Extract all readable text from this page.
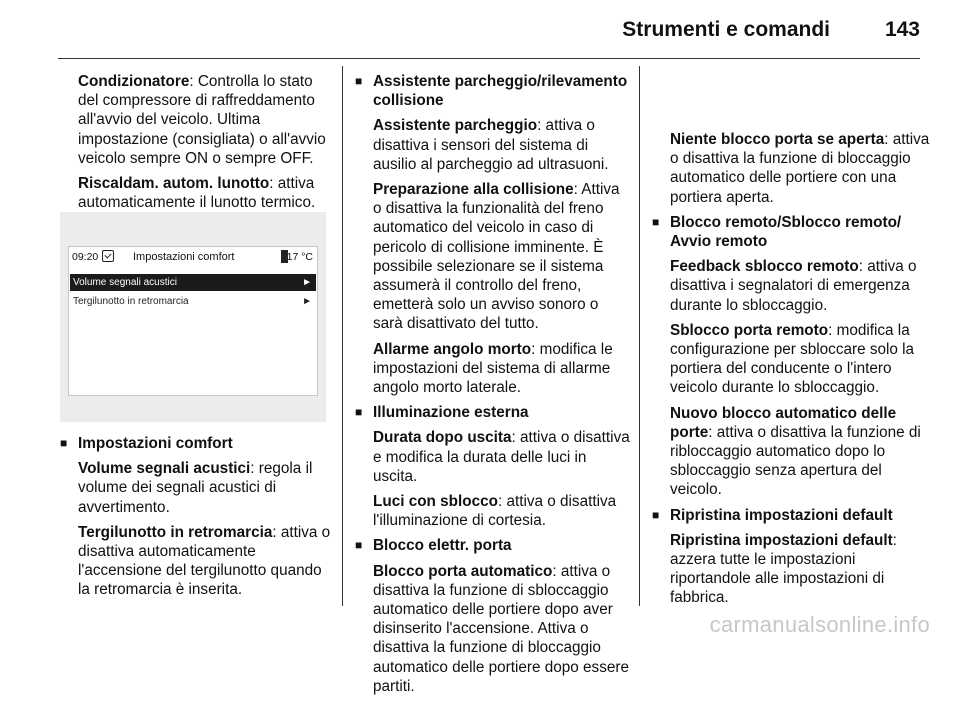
Strumenti e comandi	143
Condizionatore: Controlla lo stato del compressore di raffreddamento all'avvio del veicolo. Ultima impostazione (consigliata) o all'avvio veicolo sempre ON o sempre OFF.
Riscaldam. autom. lunotto: attiva automaticamente il lunotto termico.
09:20	Impostazioni comfort	17 °C
Volume segnali acustici	►
Tergilunotto in retromarcia	►
■ Impostazioni comfort
Volume segnali acustici: regola il volume dei segnali acustici di avvertimento.
Tergilunotto in retromarcia: attiva o disattiva automaticamente l'accensione del tergilunotto quando la retromarcia è inserita.
■ Assistente parcheggio/rilevamento collisione
Assistente parcheggio: attiva o disattiva i sensori del sistema di ausilio al parcheggio ad ultrasuoni.
Preparazione alla collisione: Attiva o disattiva la funzionalità del freno automatico del veicolo in caso di pericolo di collisione imminente. È possibile selezionare se il sistema assumerà il controllo del freno, emetterà solo un avviso sonoro o sarà disattivato del tutto.
Allarme angolo morto: modifica le impostazioni del sistema di allarme angolo morto laterale.
■ Illuminazione esterna
Durata dopo uscita: attiva o disattiva e modifica la durata delle luci in uscita.
Luci con sblocco: attiva o disattiva l'illuminazione di cortesia.
■ Blocco elettr. porta
Blocco porta automatico: attiva o disattiva la funzione di sbloccaggio automatico delle portiere dopo aver disinserito l'accensione. Attiva o disattiva la funzione di bloccaggio automatico delle portiere dopo essere partiti.
Niente blocco porta se aperta: attiva o disattiva la funzione di bloccaggio automatico delle portiere con una portiera aperta.
■ Blocco remoto/Sblocco remoto/ Avvio remoto
Feedback sblocco remoto: attiva o disattiva i segnalatori di emergenza durante lo sbloccaggio.
Sblocco porta remoto: modifica la configurazione per sbloccare solo la portiera del conducente o l'intero veicolo durante lo sbloccaggio.
Nuovo blocco automatico delle porte: attiva o disattiva la funzione di ribloccaggio automatico dopo lo sbloccaggio senza apertura del veicolo.
■ Ripristina impostazioni default
Ripristina impostazioni default: azzera tutte le impostazioni riportandole alle impostazioni di fabbrica.
carmanualsonline.info
